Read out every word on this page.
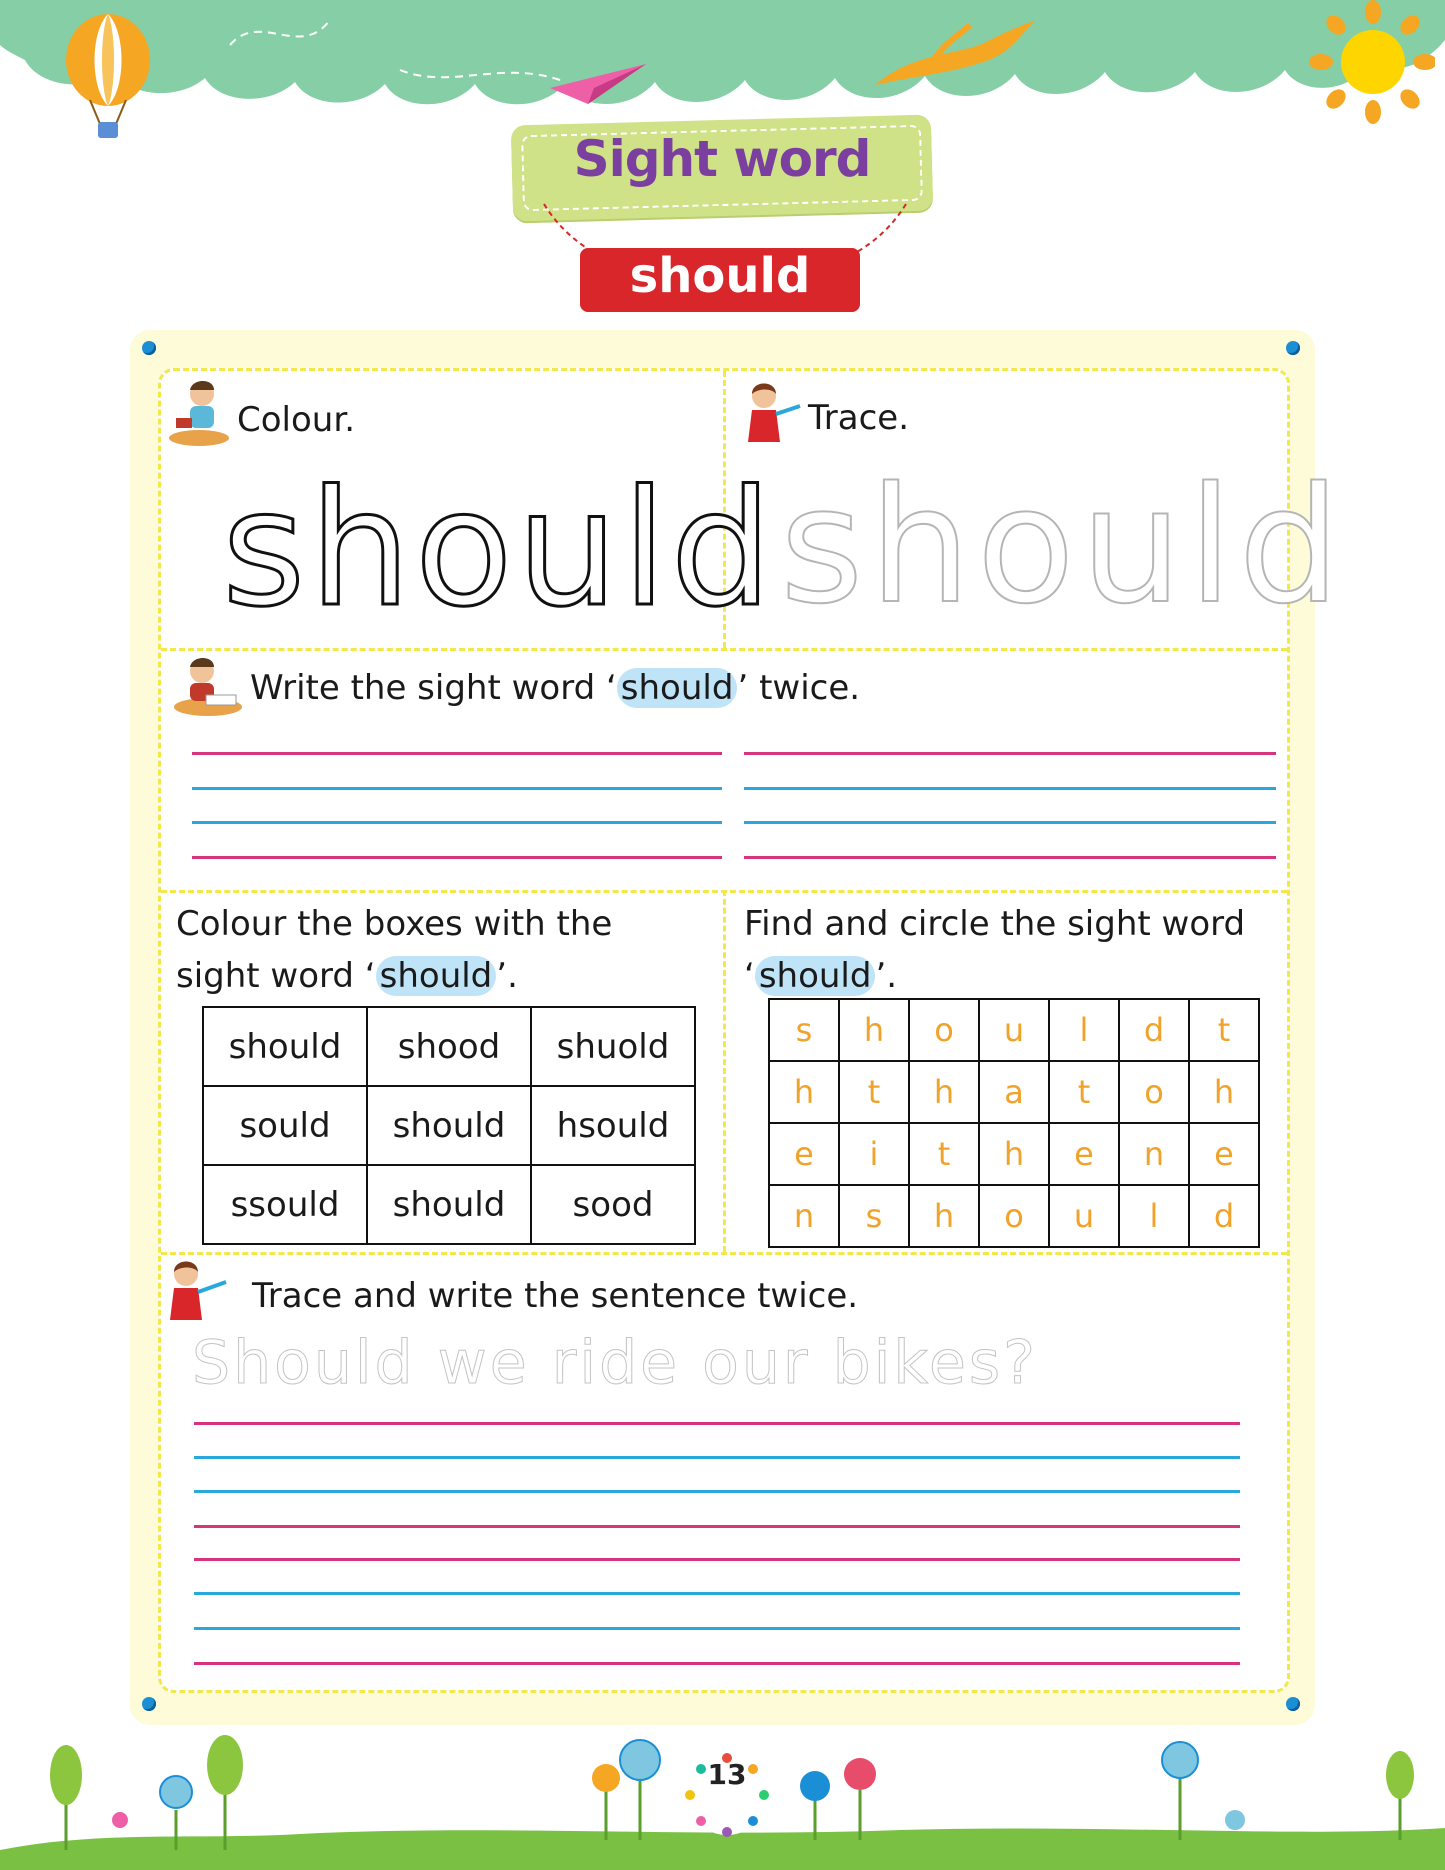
Sight word
should
Colour.
should
Trace.
should
Write the sight word ‘ should ’ twice.
Colour the boxes with the
sight word ‘ should ’.
should	shood	shuold
sould	should	hsould
ssould	should	sood
Find and circle the sight word
‘ should ’.
s	h	o	u	l	d	t
h	t	h	a	t	o	h
e	i	t	h	e	n	e
n	s	h	o	u	l	d
Trace and write the sentence twice.
Should we ride our bikes?
13
